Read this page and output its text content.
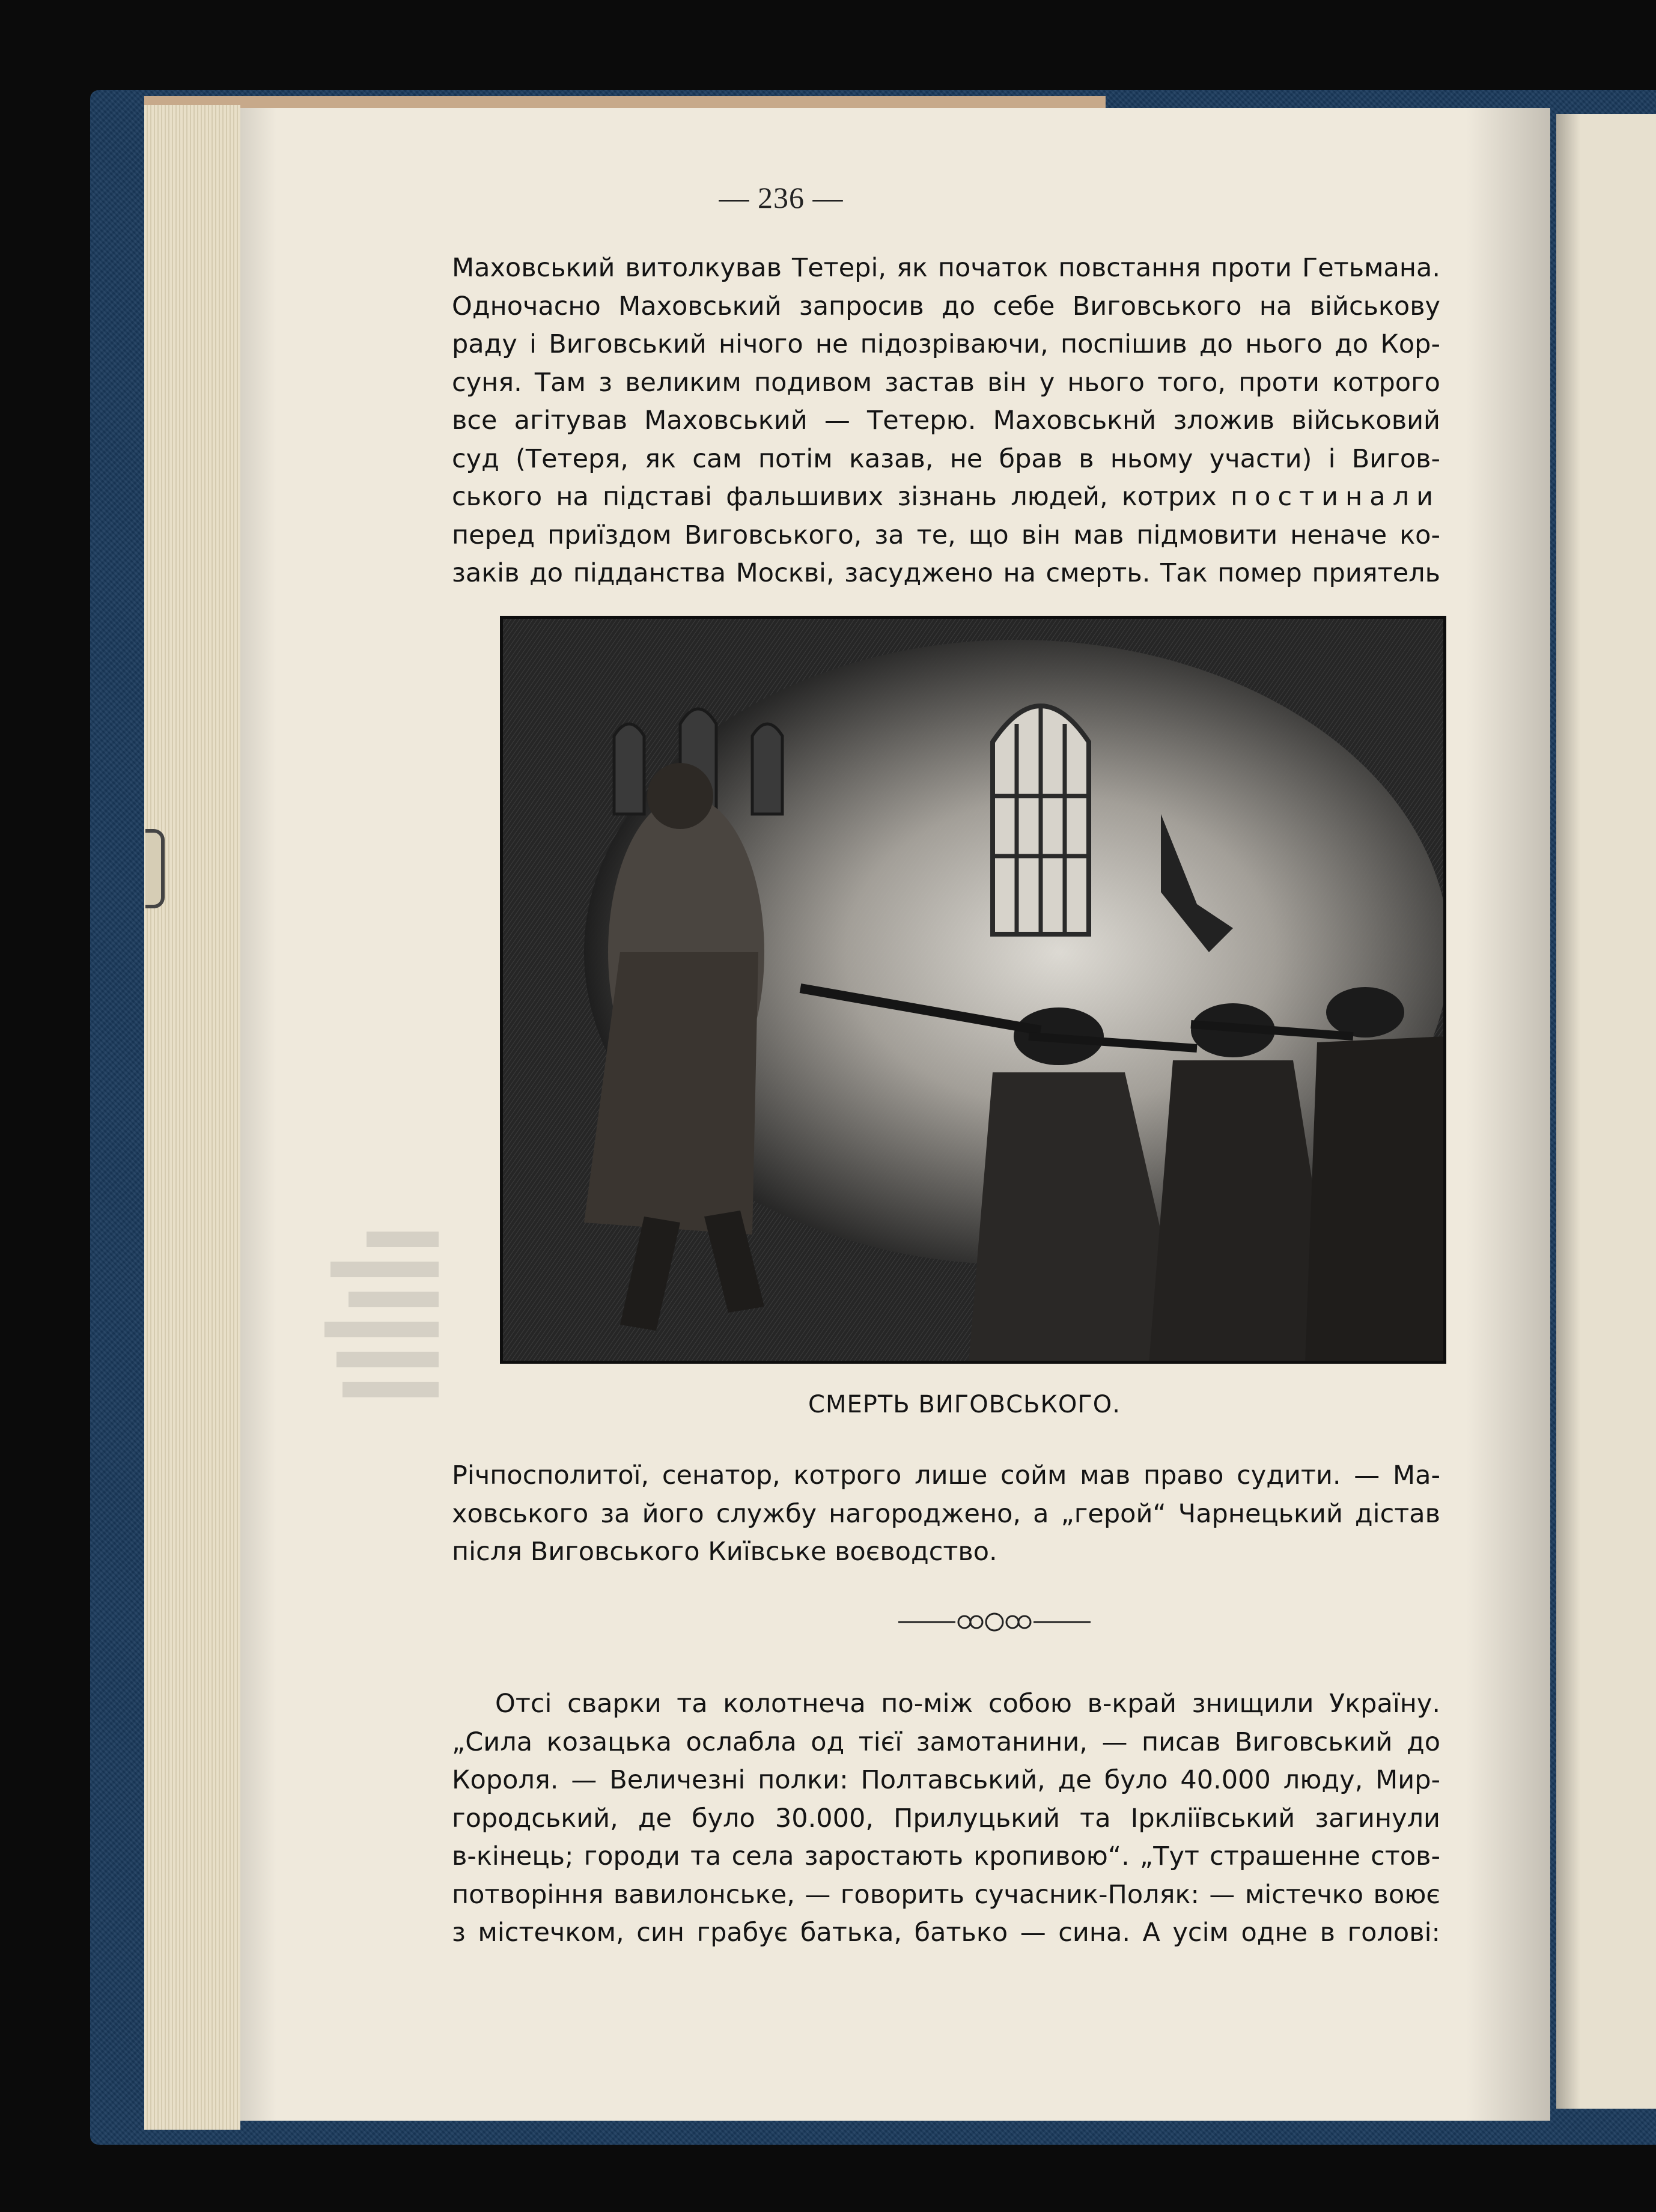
— 236 —
Маховський витолкував Тетері, як початок повстання проти Гетьмана.
Одночасно Маховський запросив до себе Виговського на військову
раду і Виговський нічого не підозріваючи, поспішив до нього до Кор-
суня. Там з великим подивом застав він у нього того, проти котрого
все агітував Маховський — Тетерю. Маховськнй зложив військовий
суд (Тетеря, як сам потім казав, не брав в ньому участи) і Вигов-
ського на підставі фальшивих зізнань людей, котрих постинали
перед приїздом Виговського, за те, що він мав підмовити неначе ко-
заків до підданства Москві, засуджено на смерть. Так помер приятель
СМЕРТЬ ВИГОВСЬКОГО.
Річпосполитої, сенатор, котрого лише сойм мав право судити. — Ма-
ховського за його службу нагороджено, а „герой“ Чарнецький дістав
після Виговського Київське воєводство.
Отсі сварки та колотнеча по-між собою в-край знищили Україну.
„Сила козацька ослабла од тієї замотанини, — писав Виговський до
Короля. — Величезні полки: Полтавський, де було 40.000 люду, Мир-
городський, де було 30.000, Прилуцький та Ірклiївський загинули
в-кінець; городи та села заростають кропивою“. „Тут страшенне стов-
потворіння вавилонське, — говорить сучасник-Поляк: — містечко воює
з містечком, син грабує батька, батько — сина. А усім одне в голові:
